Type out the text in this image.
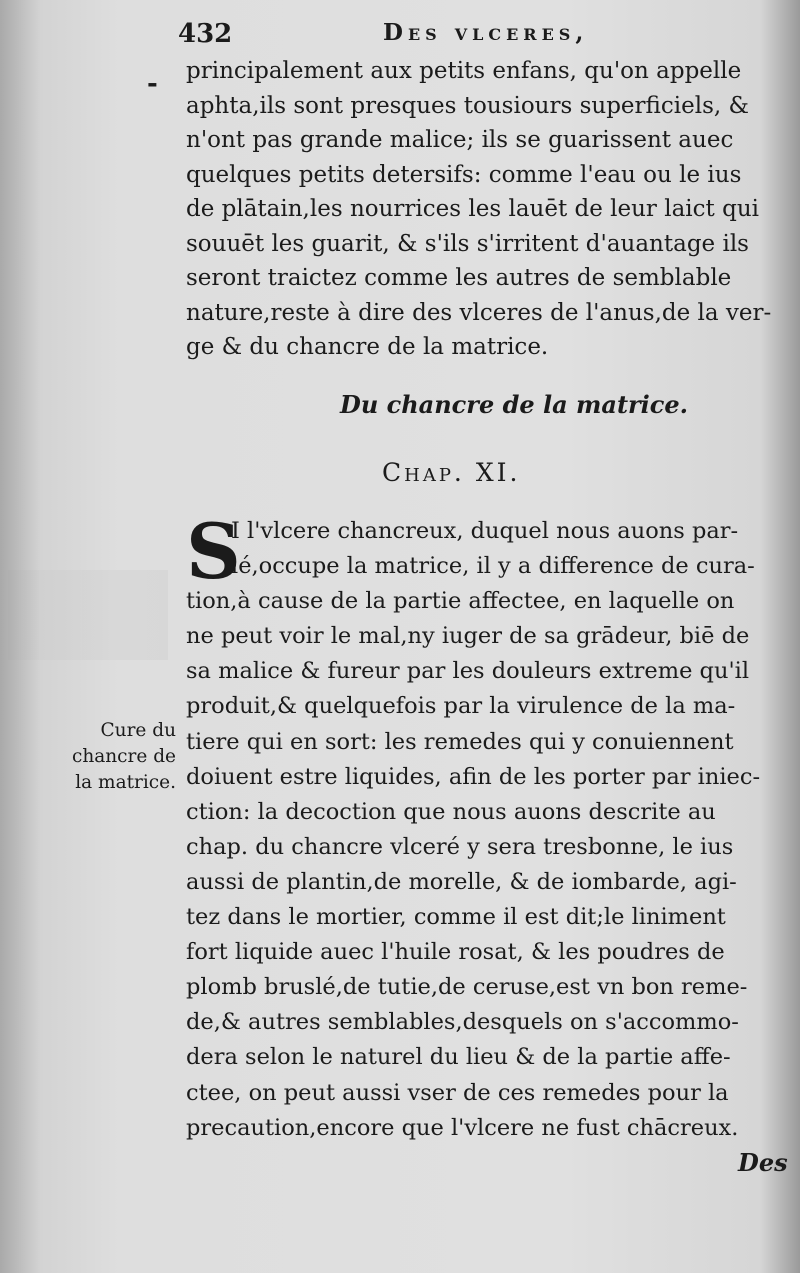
432	Des vlceres,
- principalement aux petits enfans, qu'on appelle
aphta,ils sont presques tousiours superficiels, &
n'ont pas grande malice; ils se guarissent auec
quelques petits detersifs: comme l'eau ou le ius
de plātain,les nourrices les lauēt de leur laict qui
souuēt les guarit, & s'ils s'irritent d'auantage ils
seront traictez comme les autres de semblable
nature,reste à dire des vlceres de l'anus,de la ver-
ge & du chancre de la matrice.
Du chancre de la matrice.
Chap. XI.
S
I l'vlcere chancreux, duquel nous auons par-
lé,occupe la matrice, il y a difference de cura-
tion,à cause de la partie affectee, en laquelle on
ne peut voir le mal,ny iuger de sa grādeur, biē de
sa malice & fureur par les douleurs extreme qu'il
produit,& quelquefois par la virulence de la ma-
tiere qui en sort: les remedes qui y conuiennent
doiuent estre liquides, afin de les porter par iniec-
ction: la decoction que nous auons descrite au
chap. du chancre vlceré y sera tresbonne, le ius
aussi de plantin,de morelle, & de iombarde, agi-
tez dans le mortier, comme il est dit;le liniment
fort liquide auec l'huile rosat, & les poudres de
plomb bruslé,de tutie,de ceruse,est vn bon reme-
de,& autres semblables,desquels on s'accommo-
dera selon le naturel du lieu & de la partie affe-
ctee, on peut aussi vser de ces remedes pour la
precaution,encore que l'vlcere ne fust chācreux.
Cure du
chancre de
la matrice.
Des
